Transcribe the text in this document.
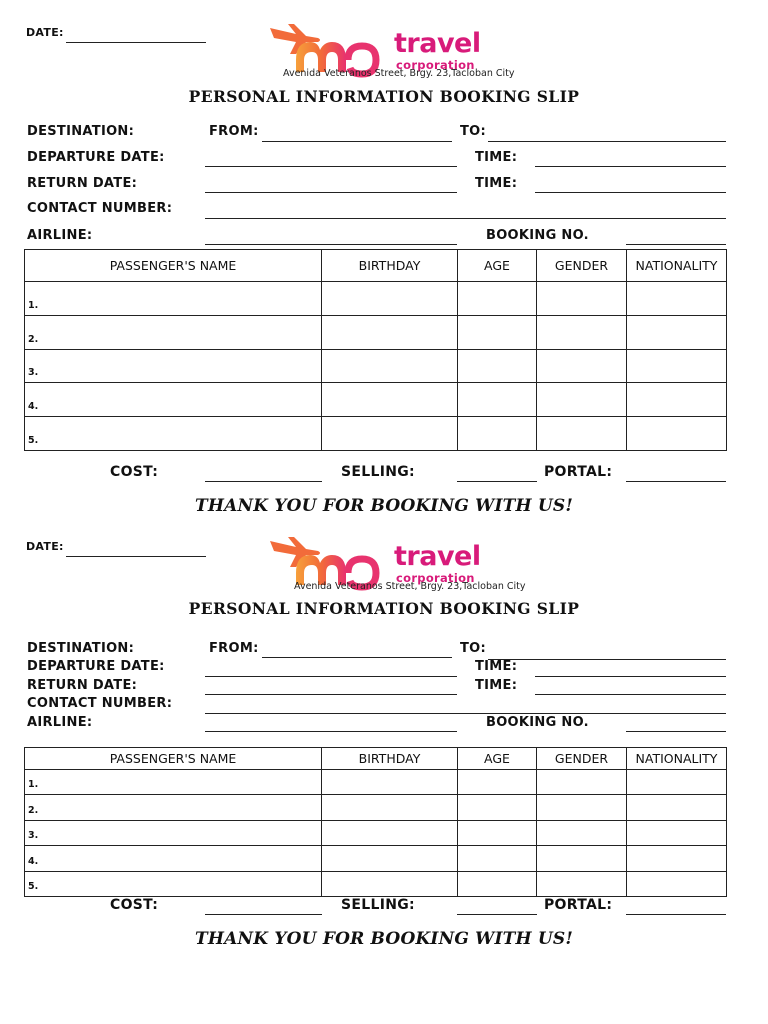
DATE:	travel
corporation
Avenida Veteranos Street, Brgy. 23,Tacloban City
PERSONAL INFORMATION BOOKING SLIP
DESTINATION:	FROM:	TO:
DEPARTURE DATE:	TIME:
RETURN DATE:	TIME:
CONTACT NUMBER:
AIRLINE:	BOOKING NO.
PASSENGER'S NAME	BIRTHDAY	AGE	GENDER	NATIONALITY
1.				
2.				
3.				
4.				
5.				
COST:	SELLING:	PORTAL:
THANK YOU FOR BOOKING WITH US!
DATE:	travel
corporation
Avenida Veteranos Street, Brgy. 23,Tacloban City
PERSONAL INFORMATION BOOKING SLIP
DESTINATION:	FROM:	TO:
DEPARTURE DATE:	TIME:
RETURN DATE:	TIME:
CONTACT NUMBER:
AIRLINE:	BOOKING NO.
PASSENGER'S NAME	BIRTHDAY	AGE	GENDER	NATIONALITY
1.				
2.				
3.				
4.				
5.				
COST:	SELLING:	PORTAL:
THANK YOU FOR BOOKING WITH US!
